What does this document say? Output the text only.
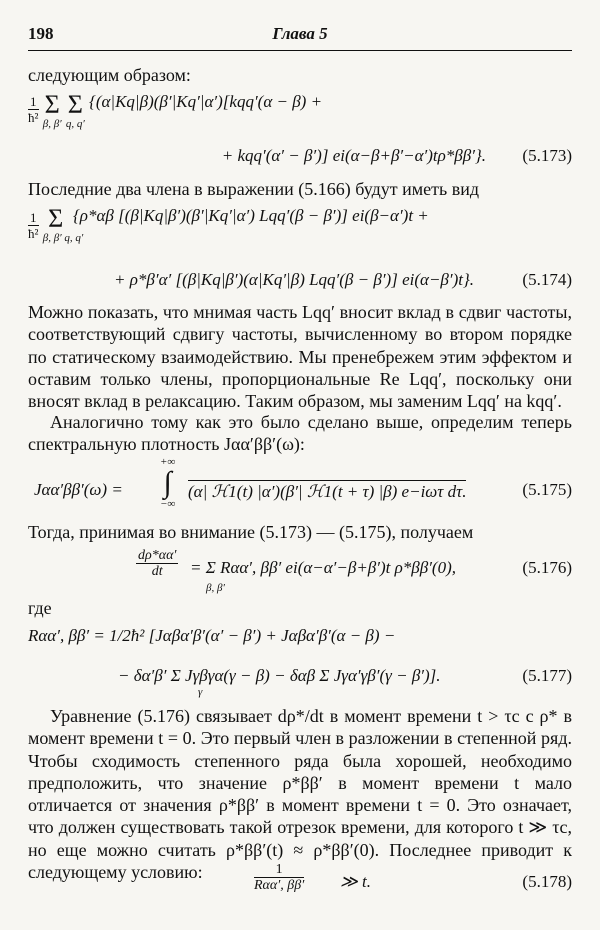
198	Глава 5

следующим образом:

$\frac{1}{\text{ħ²}}$ Σ
β, β′
Σ
q, q′
{(α|Kq|β)(β′|Kq′|α′)[kqq′(α − β) +
+ kqq′(α′ − β′)] ei(α−β+β′−α′)tρ*ββ′}. (5.173)

Последние два члена в выражении (5.166) будут иметь вид

$\frac{1}{\text{ħ²}}$ Σ
β, β′ q, q′
{ρ*αβ [(β|Kq|β′)(β′|Kq′|α′) Lqq′(β − β′)] ei(β−α′)t +
+ ρ*β′α′ [(β|Kq|β′)(α|Kq′|β) Lqq′(β − β′)] ei(α−β′)t}.	(5.174)

Можно показать, что мнимая часть Lqq′ вносит вклад в сдвиг частоты, соответствующий сдвигу частоты, вычисленному во втором порядке по статическому взаимодействию. Мы пренебрежем этим эффектом и оставим только члены, пропорциональные Re Lqq′, поскольку они вносят вклад в релаксацию. Таким образом, мы заменим Lqq′ на kqq′.

Аналогично тому как это было сделано выше, определим теперь спектральную плотность Jαα′ββ′(ω):

Jαα′ββ′(ω) =
+∞
∫
−∞
(α| ℋ1(t) |α′)(β′| ℋ1(t + τ) |β) e−iωτ dτ.	(5.175)

Тогда, принимая во внимание (5.173) — (5.175), получаем

$\frac{d\rho*\alpha\alpha'}{dt} = \Sigma$ Rαα′, ββ′ ei(α−α′−β+β′)t ρ*ββ′(0),
β, β′
(5.176)

где

Rαα′, ββ′ = 1/2ħ² [Jαβα′β′(α′ − β′) + Jαβα′β′(α − β) −
− δα′β′ Σ Jγβγα(γ − β) − δαβ Σ Jγα′γβ′(γ − β′)].
γ
(5.177)

Уравнение (5.176) связывает dρ*/dt в момент времени t > τc с ρ* в момент времени t = 0. Это первый член в разложении в степенной ряд. Чтобы сходимость степенного ряда была хорошей, необходимо предположить, что значение ρ*ββ′ в момент времени t мало отличается от значения ρ*ββ′ в момент времени t = 0. Это означает, что должен существовать такой отрезок времени, для которого t ≫ τc, но еще можно считать ρ*ββ′(t) ≈ ρ*ββ′(0). Последнее приводит к следующему условию:	1
Rαα′, ββ′ ≫ t.	(5.178)
